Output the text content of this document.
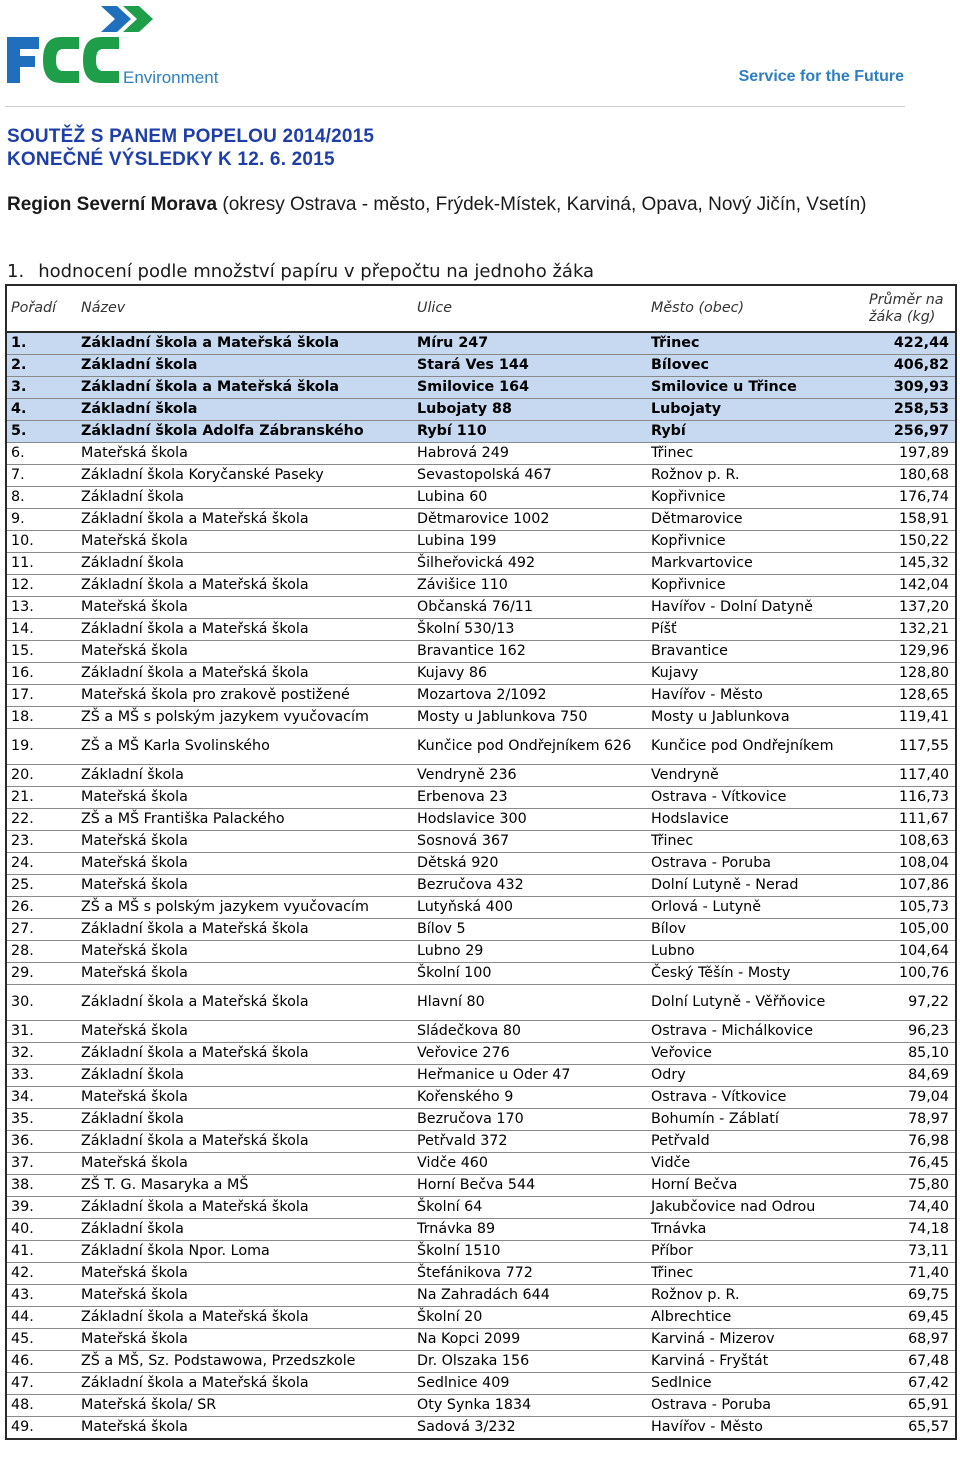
Environment	Service for the Future
SOUTĚŽ S PANEM POPELOU 2014/2015
KONEČNÉ VÝSLEDKY K 12. 6. 2015
Region Severní Morava (okresy Ostrava - město, Frýdek-Místek, Karviná, Opava, Nový Jičín, Vsetín)
1. hodnocení podle množství papíru v přepočtu na jednoho žáka
Pořadí	Název	Ulice	Město (obec)	Průměr na žáka (kg)
1.	Základní škola a Mateřská škola	Míru 247	Třinec	422,44
2.	Základní škola	Stará Ves 144	Bílovec	406,82
3.	Základní škola a Mateřská škola	Smilovice 164	Smilovice u Třince	309,93
4.	Základní škola	Lubojaty 88	Lubojaty	258,53
5.	Základní škola Adolfa Zábranského	Rybí 110	Rybí	256,97
6.	Mateřská škola	Habrová 249	Třinec	197,89
7.	Základní škola Koryčanské Paseky	Sevastopolská 467	Rožnov p. R.	180,68
8.	Základní škola	Lubina 60	Kopřivnice	176,74
9.	Základní škola a Mateřská škola	Dětmarovice 1002	Dětmarovice	158,91
10.	Mateřská škola	Lubina 199	Kopřivnice	150,22
11.	Základní škola	Šilheřovická 492	Markvartovice	145,32
12.	Základní škola a Mateřská škola	Závišice 110	Kopřivnice	142,04
13.	Mateřská škola	Občanská 76/11	Havířov - Dolní Datyně	137,20
14.	Základní škola a Mateřská škola	Školní 530/13	Píšť	132,21
15.	Mateřská škola	Bravantice 162	Bravantice	129,96
16.	Základní škola a Mateřská škola	Kujavy 86	Kujavy	128,80
17.	Mateřská škola pro zrakově postižené	Mozartova 2/1092	Havířov - Město	128,65
18.	ZŠ a MŠ s polským jazykem vyučovacím	Mosty u Jablunkova 750	Mosty u Jablunkova	119,41
19.	ZŠ a MŠ Karla Svolinského	Kunčice pod Ondřejníkem 626	Kunčice pod Ondřejníkem	117,55
20.	Základní škola	Vendryně 236	Vendryně	117,40
21.	Mateřská škola	Erbenova 23	Ostrava - Vítkovice	116,73
22.	ZŠ a MŠ Františka Palackého	Hodslavice 300	Hodslavice	111,67
23.	Mateřská škola	Sosnová 367	Třinec	108,63
24.	Mateřská škola	Dětská 920	Ostrava - Poruba	108,04
25.	Mateřská škola	Bezručova 432	Dolní Lutyně - Nerad	107,86
26.	ZŠ a MŠ s polským jazykem vyučovacím	Lutyňská 400	Orlová - Lutyně	105,73
27.	Základní škola a Mateřská škola	Bílov 5	Bílov	105,00
28.	Mateřská škola	Lubno 29	Lubno	104,64
29.	Mateřská škola	Školní 100	Český Těšín - Mosty	100,76
30.	Základní škola a Mateřská škola	Hlavní 80	Dolní Lutyně - Věřňovice	97,22
31.	Mateřská škola	Sládečkova 80	Ostrava - Michálkovice	96,23
32.	Základní škola a Mateřská škola	Veřovice 276	Veřovice	85,10
33.	Základní škola	Heřmanice u Oder 47	Odry	84,69
34.	Mateřská škola	Kořenského 9	Ostrava - Vítkovice	79,04
35.	Základní škola	Bezručova 170	Bohumín - Záblatí	78,97
36.	Základní škola a Mateřská škola	Petřvald 372	Petřvald	76,98
37.	Mateřská škola	Vidče 460	Vidče	76,45
38.	ZŠ T. G. Masaryka a MŠ	Horní Bečva 544	Horní Bečva	75,80
39.	Základní škola a Mateřská škola	Školní 64	Jakubčovice nad Odrou	74,40
40.	Základní škola	Trnávka 89	Trnávka	74,18
41.	Základní škola Npor. Loma	Školní 1510	Příbor	73,11
42.	Mateřská škola	Štefánikova 772	Třinec	71,40
43.	Mateřská škola	Na Zahradách 644	Rožnov p. R.	69,75
44.	Základní škola a Mateřská škola	Školní 20	Albrechtice	69,45
45.	Mateřská škola	Na Kopci 2099	Karviná - Mizerov	68,97
46.	ZŠ a MŠ, Sz. Podstawowa, Przedszkole	Dr. Olszaka 156	Karviná - Fryštát	67,48
47.	Základní škola a Mateřská škola	Sedlnice 409	Sedlnice	67,42
48.	Mateřská škola/ SR	Oty Synka 1834	Ostrava - Poruba	65,91
49.	Mateřská škola	Sadová 3/232	Havířov - Město	65,57
